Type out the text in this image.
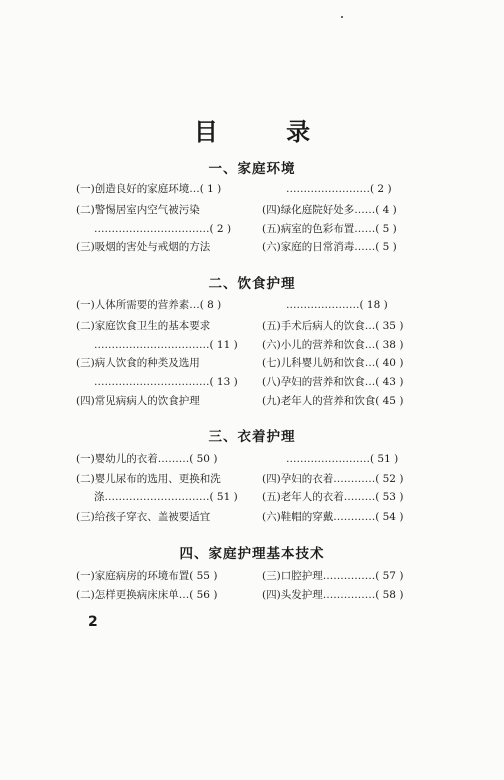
目 录
一、家庭环境
(一)创造良好的家庭环境…( 1 )
(二)警惕居室内空气被污染
……………………………( 2 )
(三)吸烟的害处与戒烟的方法
……………………( 2 )
(四)绿化庭院好处多……( 4 )
(五)病室的色彩布置……( 5 )
(六)家庭的日常消毒……( 5 )
二、饮食护理
(一)人体所需要的营养素…( 8 )
(二)家庭饮食卫生的基本要求
……………………………( 11 )
(三)病人饮食的种类及选用
……………………………( 13 )
(四)常见病病人的饮食护理
…………………( 18 )
(五)手术后病人的饮食…( 35 )
(六)小儿的营养和饮食…( 38 )
(七)儿科婴儿奶和饮食…( 40 )
(八)孕妇的营养和饮食…( 43 )
(九)老年人的营养和饮食( 45 )
三、衣着护理
(一)婴幼儿的衣着………( 50 )
(二)婴儿尿布的选用、更换和洗
涤…………………………( 51 )
(三)给孩子穿衣、盖被要适宜
……………………( 51 )
(四)孕妇的衣着…………( 52 )
(五)老年人的衣着………( 53 )
(六)鞋帽的穿戴…………( 54 )
四、家庭护理基本技术
(一)家庭病房的环境布置( 55 )
(二)怎样更换病床床单…( 56 )
(三)口腔护理……………( 57 )
(四)头发护理……………( 58 )
2
